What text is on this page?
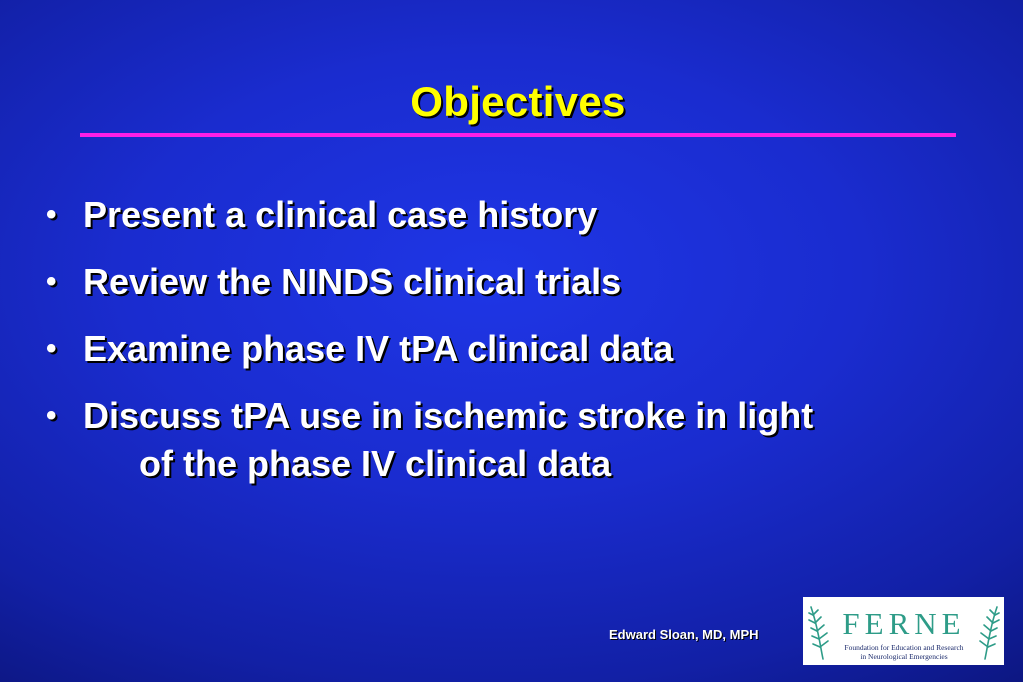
Objectives
• Present a clinical case history
• Review the NINDS clinical trials
• Examine phase IV tPA clinical data
• Discuss tPA use in ischemic stroke in light
of the phase IV clinical data
Edward Sloan, MD, MPH	FERNE
Foundation for Education and Research
in Neurological Emergencies
